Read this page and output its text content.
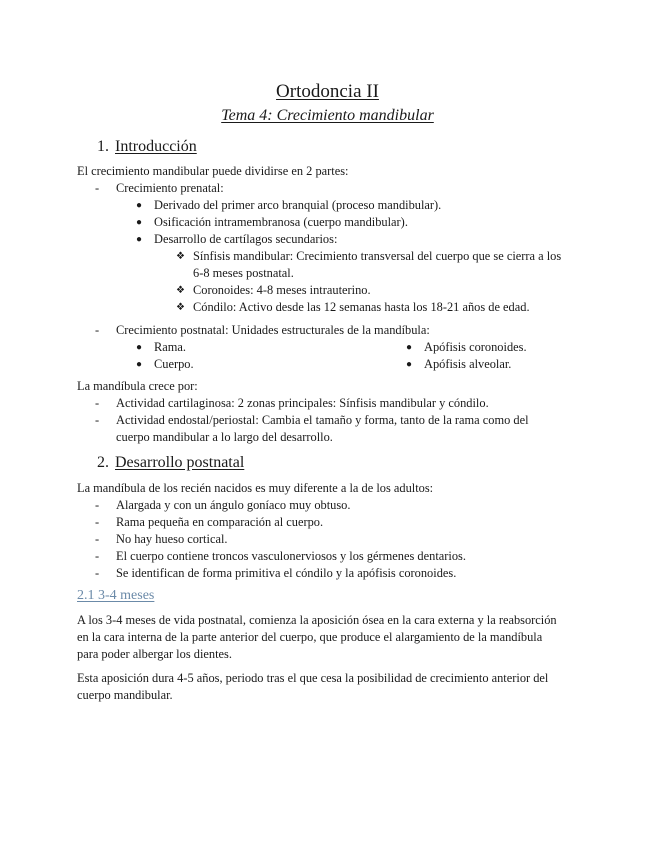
Ortodoncia II
Tema 4: Crecimiento mandibular
1. Introducción
El crecimiento mandibular puede dividirse en 2 partes:
- Crecimiento prenatal:
● Derivado del primer arco branquial (proceso mandibular).
● Osificación intramembranosa (cuerpo mandibular).
● Desarrollo de cartílagos secundarios:
❖ Sínfisis mandibular: Crecimiento transversal del cuerpo que se cierra a los
6-8 meses postnatal.
❖ Coronoides: 4-8 meses intrauterino.
❖ Cóndilo: Activo desde las 12 semanas hasta los 18-21 años de edad.
- Crecimiento postnatal: Unidades estructurales de la mandíbula:
● Rama.
● Cuerpo.
● Apófisis coronoides.
● Apófisis alveolar.
La mandíbula crece por:
- Actividad cartilaginosa: 2 zonas principales: Sínfisis mandibular y cóndilo.
- Actividad endostal/periostal: Cambia el tamaño y forma, tanto de la rama como del
cuerpo mandibular a lo largo del desarrollo.
2. Desarrollo postnatal
La mandíbula de los recién nacidos es muy diferente a la de los adultos:
- Alargada y con un ángulo goníaco muy obtuso.
- Rama pequeña en comparación al cuerpo.
- No hay hueso cortical.
- El cuerpo contiene troncos vasculonerviosos y los gérmenes dentarios.
- Se identifican de forma primitiva el cóndilo y la apófisis coronoides.
2.1 3-4 meses
A los 3-4 meses de vida postnatal, comienza la aposición ósea en la cara externa y la reabsorción
en la cara interna de la parte anterior del cuerpo, que produce el alargamiento de la mandíbula
para poder albergar los dientes.
Esta aposición dura 4-5 años, periodo tras el que cesa la posibilidad de crecimiento anterior del
cuerpo mandibular.
